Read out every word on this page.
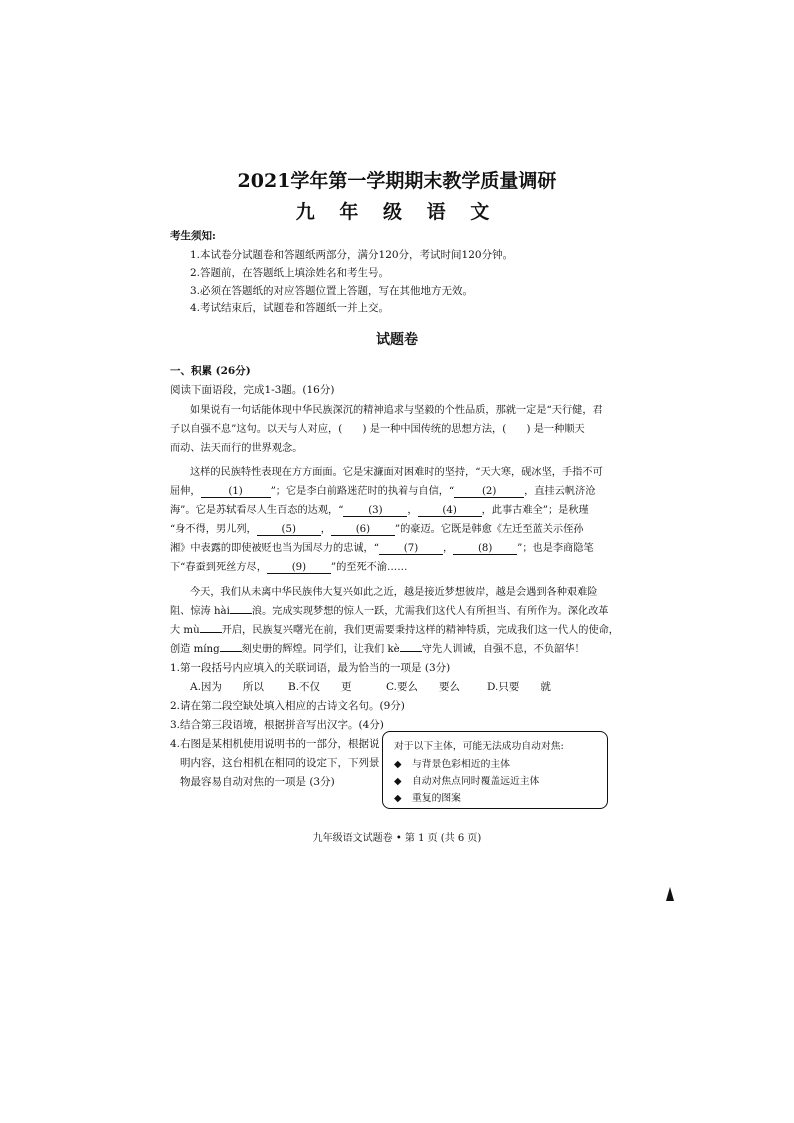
2021学年第一学期期末教学质量调研
九 年 级 语 文
考生须知:
1.本试卷分试题卷和答题纸两部分，满分120分，考试时间120分钟。
2.答题前，在答题纸上填涂姓名和考生号。
3.必须在答题纸的对应答题位置上答题，写在其他地方无效。
4.考试结束后，试题卷和答题纸一并上交。
试题卷
一、积累 (26分)
阅读下面语段，完成1-3题。(16分)
如果说有一句话能体现中华民族深沉的精神追求与坚毅的个性品质，那就一定是“天行健，君
子以自强不息”这句。以天与人对应，(　　) 是一种中国传统的思想方法，(　　) 是一种顺天
而动、法天而行的世界观念。
这样的民族特性表现在方方面面。它是宋濂面对困难时的坚持，“天大寒，砚冰坚，手指不可
屈伸，	(1)	”；它是李白前路迷茫时的执着与自信，“	(2)	，直挂云帆济沧
海”。它是苏轼看尽人生百态的达观，“ (3) ， (4) ，此事古难全”；是秋瑾
“身不得，男儿列， (5) ， (6) ”的豪迈。它既是韩愈《左迁至蓝关示侄孙
湘》中表露的即使被贬也当为国尽力的忠诚，“ (7) ， (8) ”；也是李商隐笔
下“春蚕到死丝方尽， (9) ”的至死不渝……
今天，我们从未离中华民族伟大复兴如此之近，越是接近梦想彼岸，越是会遇到各种艰难险
阻、惊涛 hài 浪。完成实现梦想的惊人一跃，尤需我们这代人有所担当、有所作为。深化改革
大 mù 开启，民族复兴曙光在前，我们更需要秉持这样的精神特质，完成我们这一代人的使命，
创造 míng 刻史册的辉煌。同学们，让我们 kè 守先人训诫，自强不息，不负韶华！
1.第一段括号内应填入的关联词语，最为恰当的一项是 (3分)
A.因为　　所以 B.不仅　　更	C.要么　　要么	D.只要　　就
2.请在第二段空缺处填入相应的古诗文名句。(9分)
3.结合第三段语境，根据拼音写出汉字。(4分)
4.右图是某相机使用说明书的一部分，根据说
明内容，这台相机在相同的设定下，下列景
物最容易自动对焦的一项是 (3分)
对于以下主体，可能无法成功自动对焦:
◆ 与背景色彩相近的主体
◆ 自动对焦点同时覆盖远近主体
◆ 重复的图案
九年级语文试题卷 • 第 1 页 (共 6 页)
